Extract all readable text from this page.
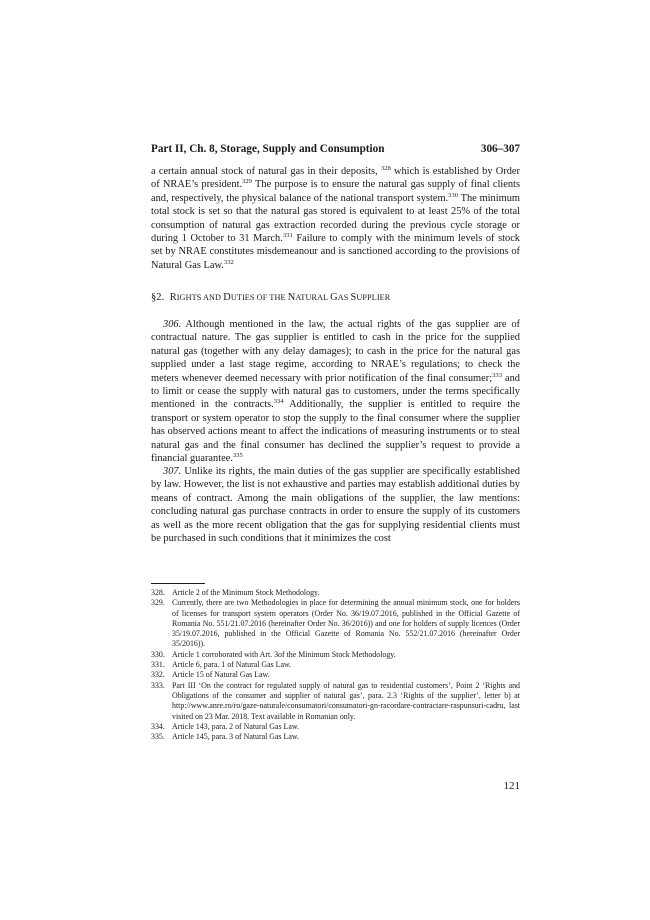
Part II, Ch. 8, Storage, Supply and Consumption	306–307

a certain annual stock of natural gas in their deposits, $^{328}$ which is established by Order of NRAE’s president.$^{329}$ The purpose is to ensure the natural gas supply of final clients and, respectively, the physical balance of the national transport system.$^{330}$ The minimum total stock is set so that the natural gas stored is equivalent to at least 25% of the total consumption of natural gas extraction recorded during the previous cycle storage or during 1 October to 31 March.$^{331}$ Failure to comply with the minimum levels of stock set by NRAE constitutes misdemeanour and is sanctioned according to the provisions of Natural Gas Law.$^{332}$

§2. RIGHTS AND DUTIES OF THE NATURAL GAS SUPPLIER

306. Although mentioned in the law, the actual rights of the gas supplier are of contractual nature. The gas supplier is entitled to cash in the price for the supplied natural gas (together with any delay damages); to cash in the price for the natural gas supplied under a last stage regime, according to NRAE’s regulations; to check the meters whenever deemed necessary with prior notification of the final consumer;$^{333}$ and to limit or cease the supply with natural gas to customers, under the terms specifically mentioned in the contracts.$^{334}$ Additionally, the supplier is entitled to require the transport or system operator to stop the supply to the final consumer where the supplier has observed actions meant to affect the indications of measuring instruments or to steal natural gas and the final consumer has declined the supplier’s request to provide a financial guarantee.$^{335}$

307. Unlike its rights, the main duties of the gas supplier are specifically established by law. However, the list is not exhaustive and parties may establish additional duties by means of contract. Among the main obligations of the supplier, the law mentions: concluding natural gas purchase contracts in order to ensure the supply of its customers as well as the more recent obligation that the gas for supplying residential clients must be purchased in such conditions that it minimizes the cost

328. Article 2 of the Minimum Stock Methodology.
329. Currently, there are two Methodologies in place for determining the annual minimum stock, one for holders of licenses for transport system operators (Order No. 36/19.07.2016, published in the Official Gazette of Romania No. 551/21.07.2016 (hereinafter Order No. 36/2016)) and one for holders of supply licences (Order 35/19.07.2016, published in the Official Gazette of Romania No. 552/21.07.2016 (hereinafter Order 35/2016)).
330. Article 1 corroborated with Art. 3of the Minimum Stock Methodology.
331. Article 6, para. 1 of Natural Gas Law.
332. Article 15 of Natural Gas Law.
333. Part III ‘On the contract for regulated supply of natural gas to residential customers’, Point 2 ‘Rights and Obligations of the consumer and supplier of natural gas’, para. 2.3 ‘Rights of the supplier’, letter b) at http://www.anre.ro/ro/gaze-naturale/consumatori/consumatori-gn-racordare-contractare-raspunsuri-cadru, last visited on 23 Mar. 2018. Text available in Romanian only.
334. Article 143, para. 2 of Natural Gas Law.
335. Article 145, para. 3 of Natural Gas Law.
121
